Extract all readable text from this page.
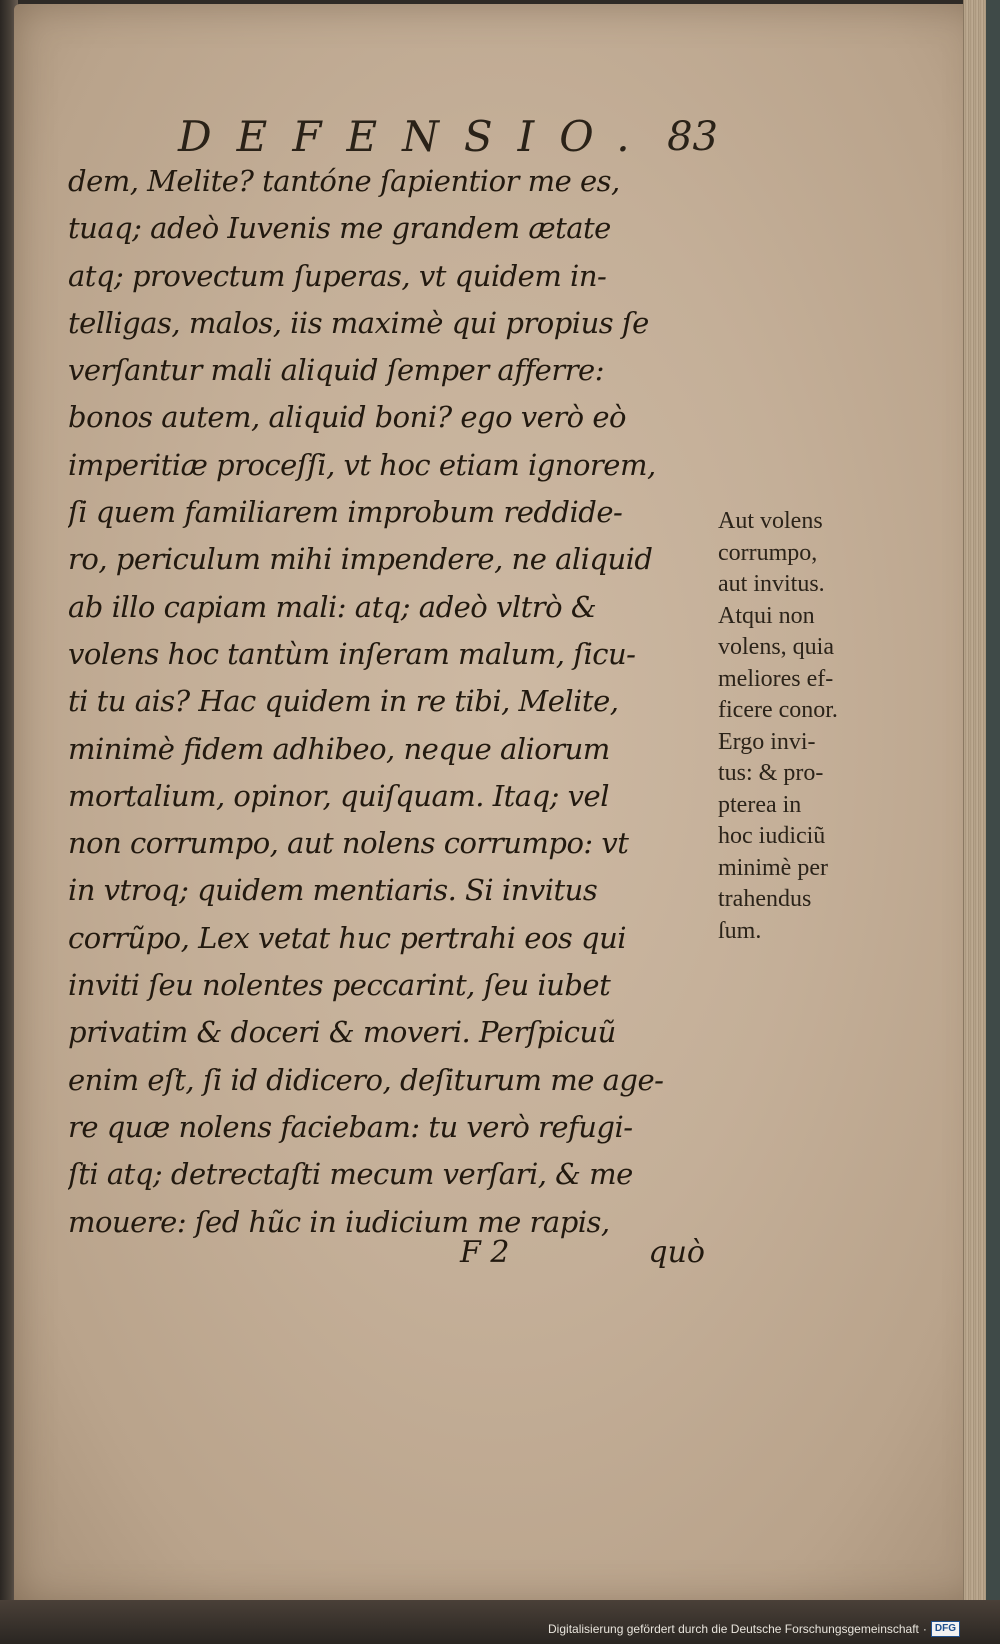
DEFENSIO. 83
dem, Melite? tantóne ſapientior me es,
tuaq; adeò Iuvenis me grandem ætate
atq; provectum ſuperas, vt quidem in-
telligas, malos, iis maximè qui propius ſe
verſantur mali aliquid ſemper afferre:
bonos autem, aliquid boni? ego verò eò
imperitiæ proceſſi, vt hoc etiam ignorem,
ſi quem familiarem improbum reddide-
ro, periculum mihi impendere, ne aliquid
ab illo capiam mali: atq; adeò vltrò &
volens hoc tantùm inſeram malum, ſicu-
ti tu ais? Hac quidem in re tibi, Melite,
minimè fidem adhibeo, neque aliorum
mortalium, opinor, quiſquam. Itaq; vel
non corrumpo, aut nolens corrumpo: vt
in vtroq; quidem mentiaris. Si invitus
corrũpo, Lex vetat huc pertrahi eos qui
inviti ſeu nolentes peccarint, ſeu iubet
privatim & doceri & moveri. Perſpicuũ
enim eſt, ſi id didicero, deſiturum me age-
re quæ nolens faciebam: tu verò refugi-
ſti atq; detrectaſti mecum verſari, & me
mouere: ſed hũc in iudicium me rapis,
F 2	quò
Aut volens
corrumpo,
aut invitus.
Atqui non
volens, quia
meliores ef-
ficere conor.
Ergo invi-
tus: & pro-
pterea in
hoc iudiciũ
minimè per
trahendus
ſum.
Digitalisierung gefördert durch die Deutsche Forschungsgemeinschaft · DFG
